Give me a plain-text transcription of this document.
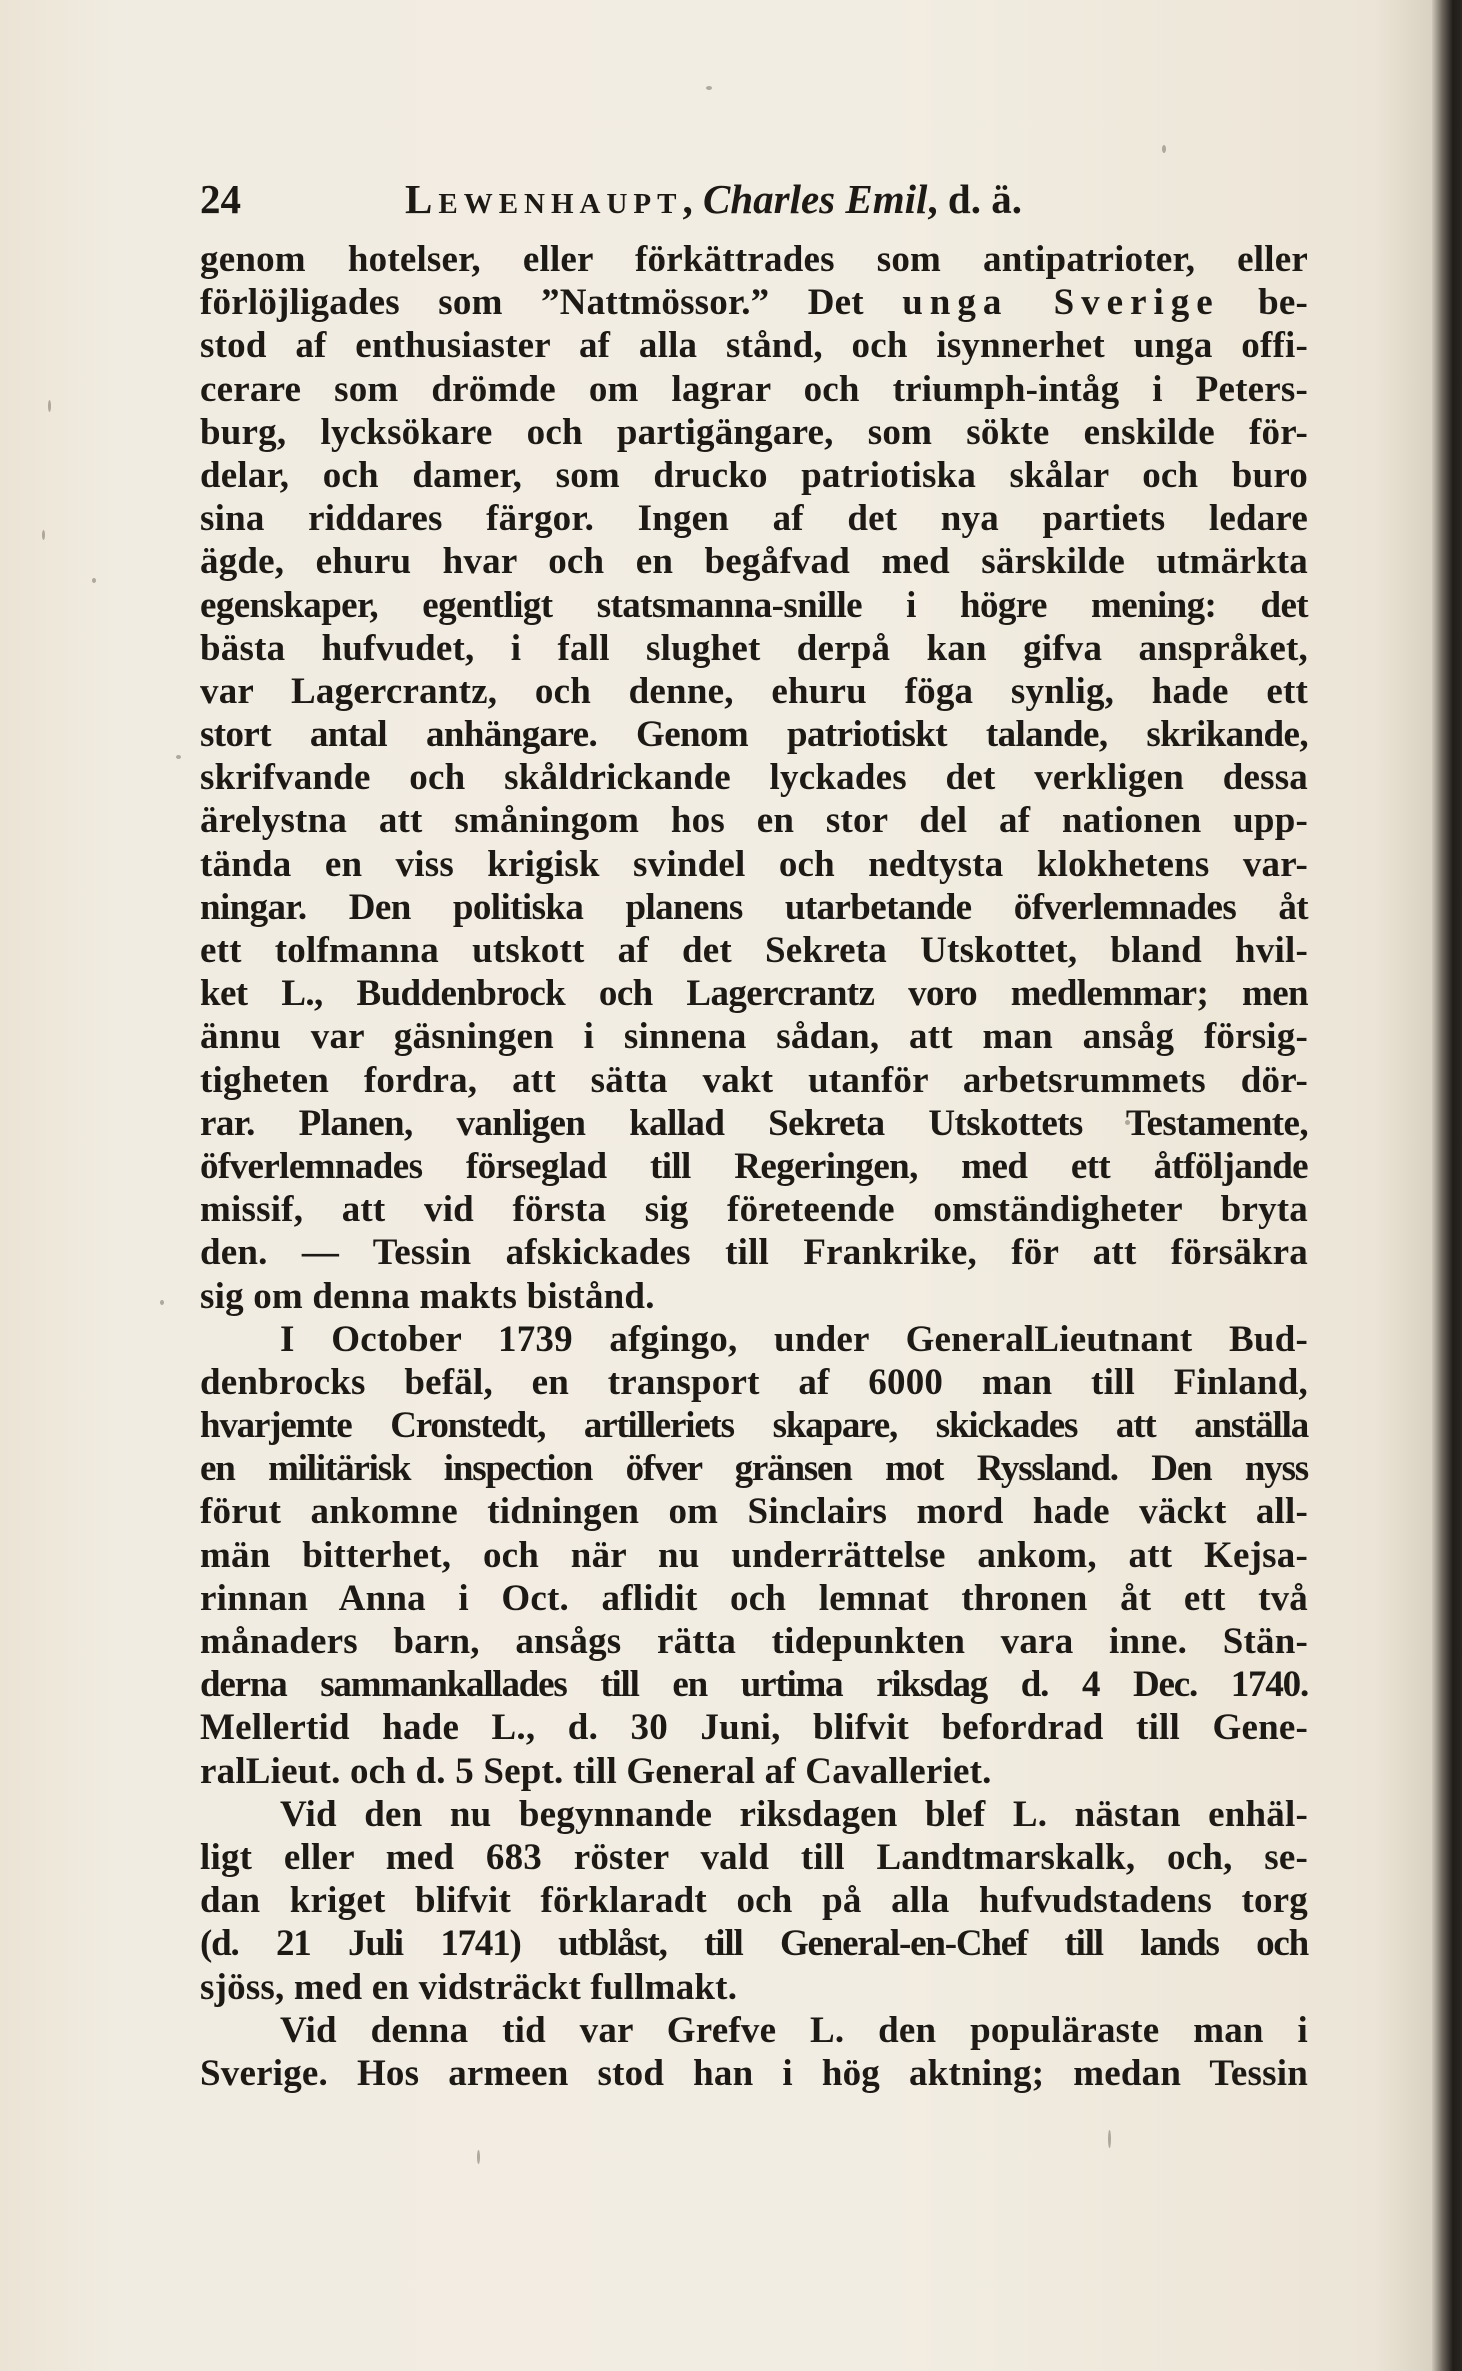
24	Lewenhaupt, Charles Emil, d. ä.
genom hotelser, eller förkättrades som antipatrioter, eller
förlöjligades som ”Nattmössor.” Det unga Sverige be-
stod af enthusiaster af alla stånd, och isynnerhet unga offi-
cerare som drömde om lagrar och triumph-intåg i Peters-
burg, lycksökare och partigängare, som sökte enskilde för-
delar, och damer, som drucko patriotiska skålar och buro
sina riddares färgor. Ingen af det nya partiets ledare
ägde, ehuru hvar och en begåfvad med särskilde utmärkta
egenskaper, egentligt statsmanna-snille i högre mening: det
bästa hufvudet, i fall slughet derpå kan gifva anspråket,
var Lagercrantz, och denne, ehuru föga synlig, hade ett
stort antal anhängare. Genom patriotiskt talande, skrikande,
skrifvande och skåldrickande lyckades det verkligen dessa
ärelystna att småningom hos en stor del af nationen upp-
tända en viss krigisk svindel och nedtysta klokhetens var-
ningar. Den politiska planens utarbetande öfverlemnades åt
ett tolfmanna utskott af det Sekreta Utskottet, bland hvil-
ket L., Buddenbrock och Lagercrantz voro medlemmar; men
ännu var gäsningen i sinnena sådan, att man ansåg försig-
tigheten fordra, att sätta vakt utanför arbetsrummets dör-
rar. Planen, vanligen kallad Sekreta Utskottets Testamente,
öfverlemnades förseglad till Regeringen, med ett åtföljande
missif, att vid första sig företeende omständigheter bryta
den. — Tessin afskickades till Frankrike, för att försäkra
sig om denna makts bistånd.
I October 1739 afgingo, under GeneralLieutnant Bud-
denbrocks befäl, en transport af 6000 man till Finland,
hvarjemte Cronstedt, artilleriets skapare, skickades att anställa
en militärisk inspection öfver gränsen mot Ryssland. Den nyss
förut ankomne tidningen om Sinclairs mord hade väckt all-
män bitterhet, och när nu underrättelse ankom, att Kejsa-
rinnan Anna i Oct. aflidit och lemnat thronen åt ett två
månaders barn, ansågs rätta tidepunkten vara inne. Stän-
derna sammankallades till en urtima riksdag d. 4 Dec. 1740.
Mellertid hade L., d. 30 Juni, blifvit befordrad till Gene-
ralLieut. och d. 5 Sept. till General af Cavalleriet.
Vid den nu begynnande riksdagen blef L. nästan enhäl-
ligt eller med 683 röster vald till Landtmarskalk, och, se-
dan kriget blifvit förklaradt och på alla hufvudstadens torg
(d. 21 Juli 1741) utblåst, till General-en-Chef till lands och
sjöss, med en vidsträckt fullmakt.
Vid denna tid var Grefve L. den populäraste man i
Sverige. Hos armeen stod han i hög aktning; medan Tessin
